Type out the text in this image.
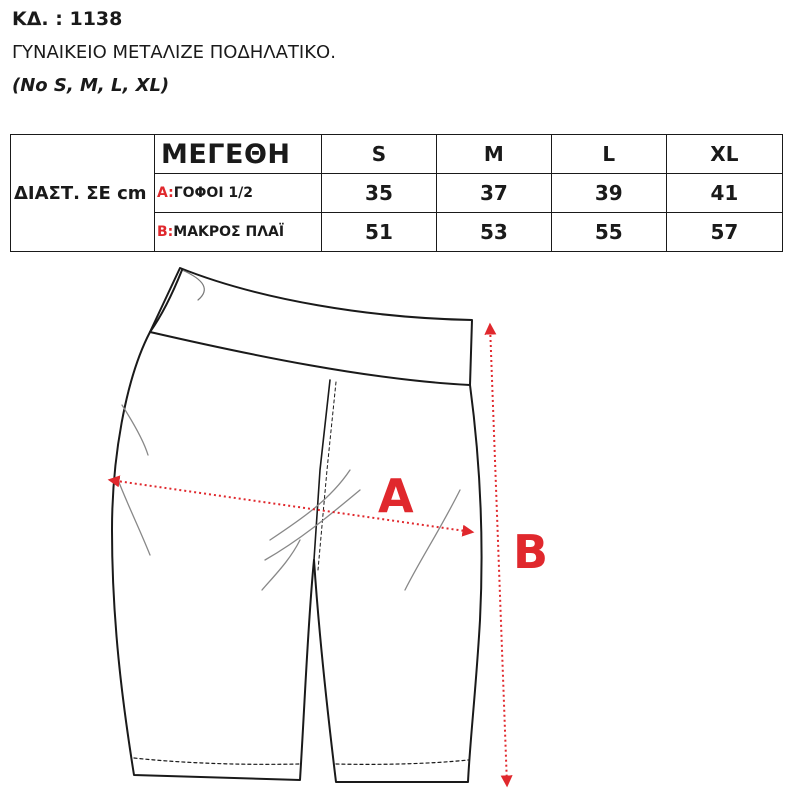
ΚΔ. : 1138
ΓΥΝΑΙΚΕΙΟ ΜΕΤΑΛΙΖΕ ΠΟΔΗΛΑΤΙΚΟ.
(No S, M, L, XL)
ΔΙΑΣΤ. ΣΕ cm	ΜΕΓΕΘΗ	S	M	L	XL
	A:ΓΟΦΟΙ 1/2	35	37	39	41
	B:ΜΑΚΡΟΣ ΠΛΑΪ	51	53	55	57
A
B
